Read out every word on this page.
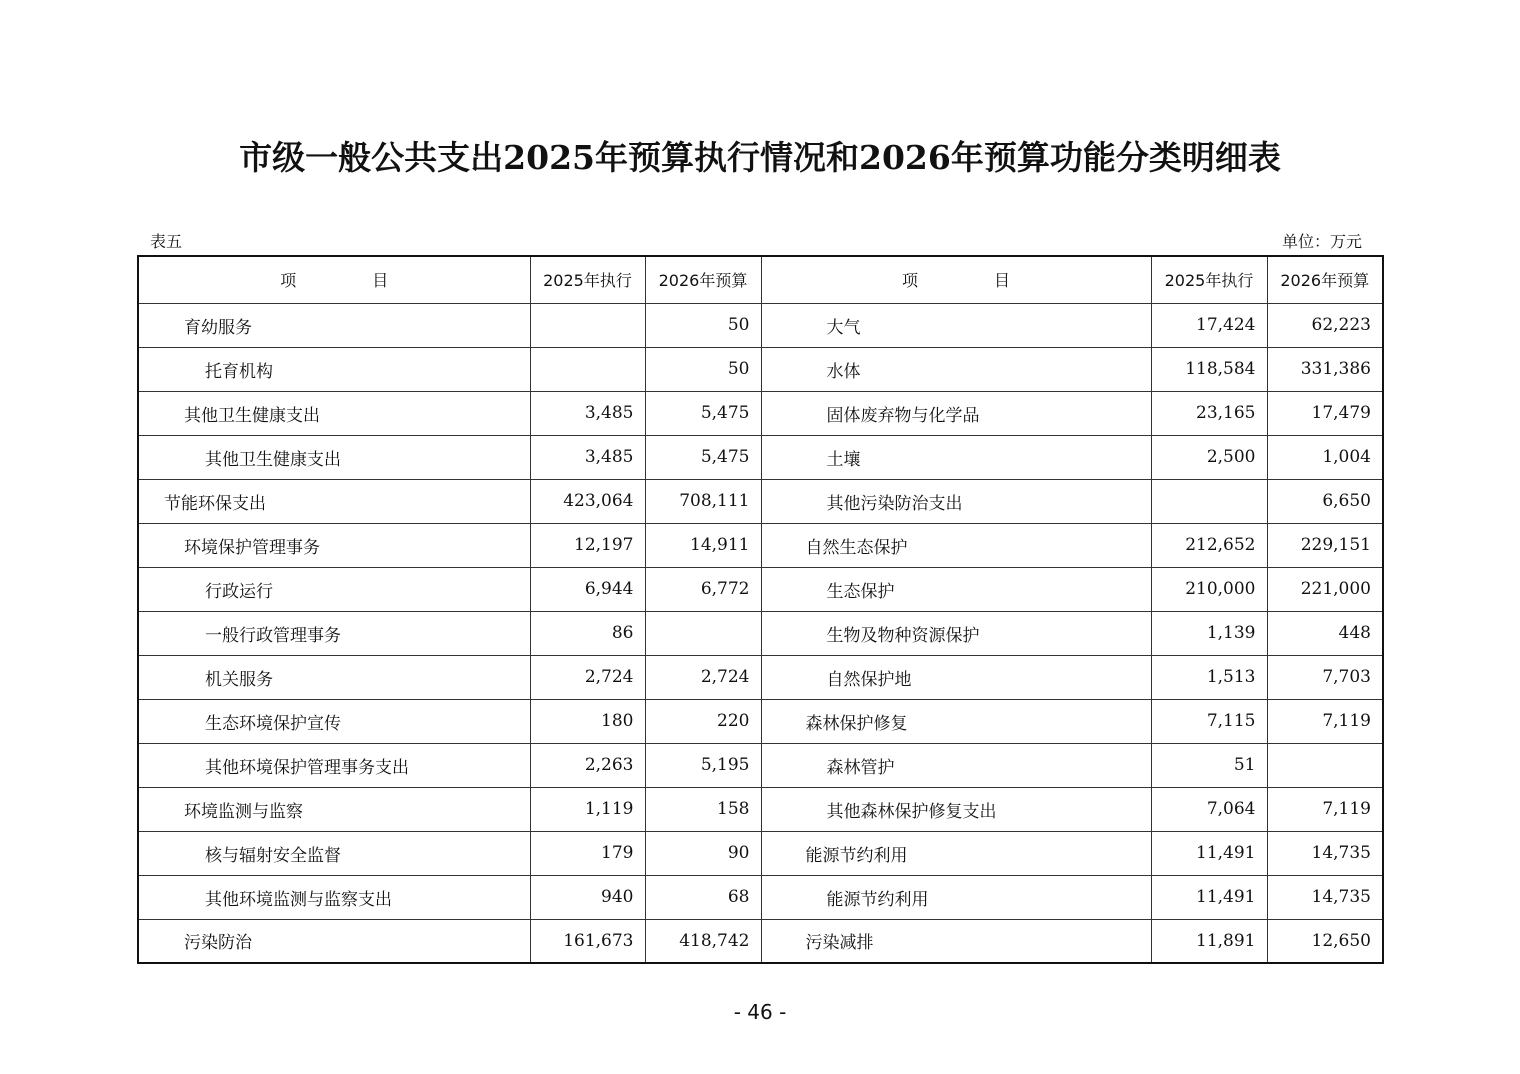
市级一般公共支出2025年预算执行情况和2026年预算功能分类明细表
表五	单位：万元
项 目	2025年执行	2026年预算	项 目	2025年执行	2026年预算
育幼服务		50	大气	17,424	62,223
托育机构		50	水体	118,584	331,386
其他卫生健康支出	3,485	5,475	固体废弃物与化学品	23,165	17,479
其他卫生健康支出	3,485	5,475	土壤	2,500	1,004
节能环保支出	423,064	708,111	其他污染防治支出		6,650
环境保护管理事务	12,197	14,911	自然生态保护	212,652	229,151
行政运行	6,944	6,772	生态保护	210,000	221,000
一般行政管理事务	86		生物及物种资源保护	1,139	448
机关服务	2,724	2,724	自然保护地	1,513	7,703
生态环境保护宣传	180	220	森林保护修复	7,115	7,119
其他环境保护管理事务支出	2,263	5,195	森林管护	51	
环境监测与监察	1,119	158	其他森林保护修复支出	7,064	7,119
核与辐射安全监督	179	90	能源节约利用	11,491	14,735
其他环境监测与监察支出	940	68	能源节约利用	11,491	14,735
污染防治	161,673	418,742	污染减排	11,891	12,650
- 46 -
